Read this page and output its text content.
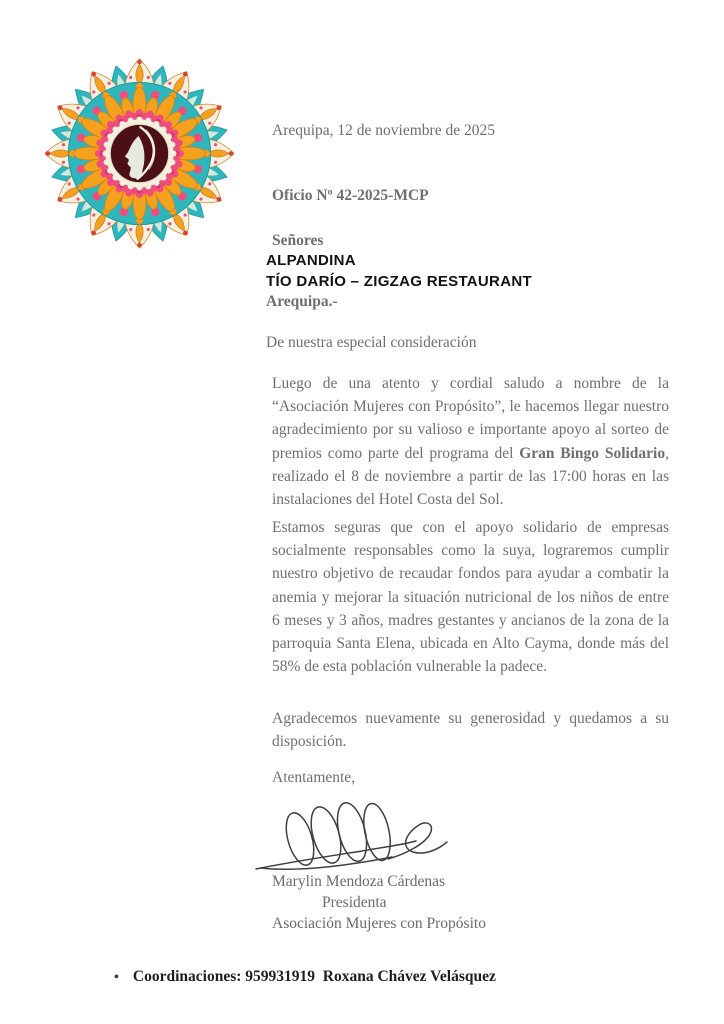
Arequipa, 12 de noviembre de 2025
Oficio Nº 42-2025-MCP
Señores
ALPANDINA
TÍO DARÍO – ZIGZAG RESTAURANT
Arequipa.-
De nuestra especial consideración
Luego de una atento y cordial saludo a nombre de la “Asociación Mujeres con Propósito”, le hacemos llegar nuestro agradecimiento por su valioso e importante apoyo al sorteo de premios como parte del programa del Gran Bingo Solidario, realizado el 8 de noviembre a partir de las 17:00 horas en las instalaciones del Hotel Costa del Sol.
Estamos seguras que con el apoyo solidario de empresas socialmente responsables como la suya, lograremos cumplir nuestro objetivo de recaudar fondos para ayudar a combatir la anemia y mejorar la situación nutricional de los niños de entre 6 meses y 3 años, madres gestantes y ancianos de la zona de la parroquia Santa Elena, ubicada en Alto Cayma, donde más del 58% de esta población vulnerable la padece.
Agradecemos nuevamente su generosidad y quedamos a su disposición.
Atentamente,
Marylin Mendoza Cárdenas
Presidenta
Asociación Mujeres con Propósito
• Coordinaciones: 959931919  Roxana Chávez Velásquez
